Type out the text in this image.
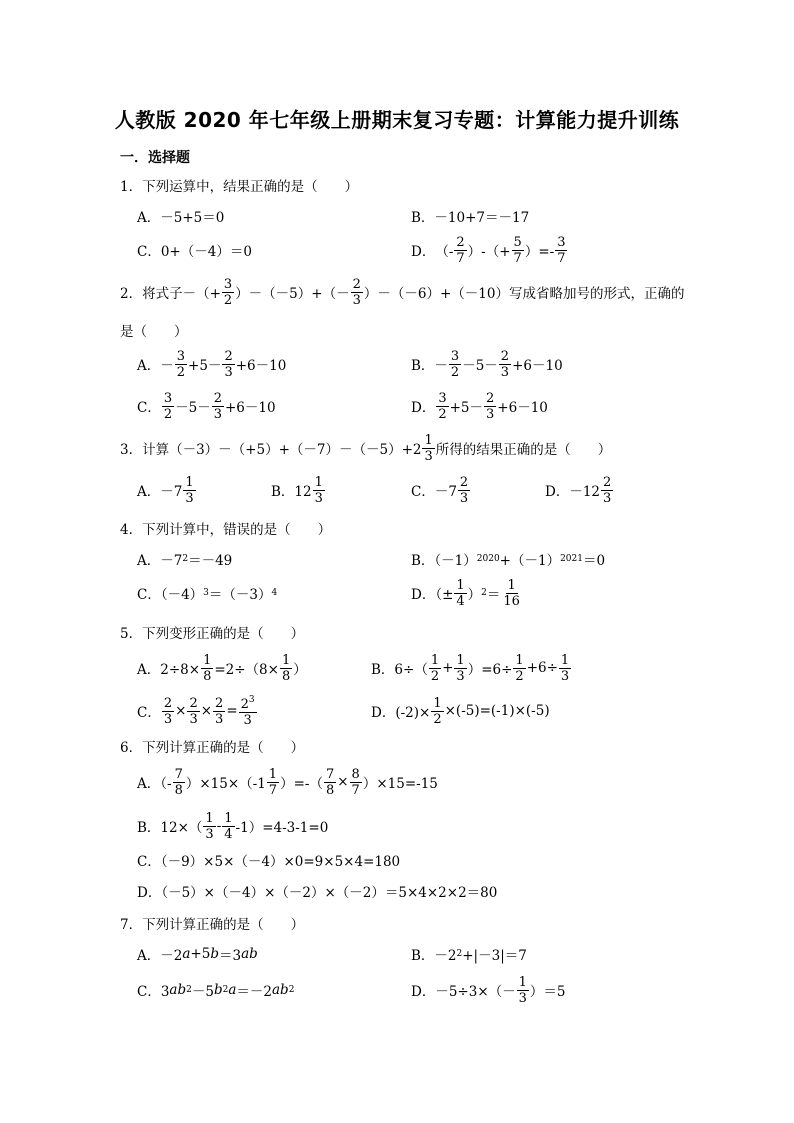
人教版 2020 年七年级上册期末复习专题：计算能力提升训练
一．选择题
1．下列运算中，结果正确的是（　　）
A．－5+5＝0	B．－10+7＝－17
C．0+（－4）＝0	D． （- $\frac{2}{7}$ ）-（+ $\frac{5}{7}$ ）=- $\frac{3}{7}$
2．将式子－（+ $\frac{3}{2} )-(-5)+(- \frac{2}{3} )-(-6)+(-10)$写成省略加号的形式，正确的
是（　　）
A．－ $\frac{3}{2} +5- \frac{2}{3} +6-10$	B．－ $\frac{3}{2} -5- \frac{2}{3} +6-10$
C． $\frac{3}{2} -5- \frac{2}{3} +6-10$	D． $\frac{3}{2} +5- \frac{2}{3} +6-10$
3．计算$(-3)-(+5)+(-7)-(-5)+2 \frac{1}{3}$ 所得的结果正确的是（　　）
A．$-7 \frac{1}{3}$	B．$12 \frac{1}{3}$	C．$-7 \frac{2}{3}$	D．$-12 \frac{2}{3}$
4．下列计算中，错误的是（　　）
A．－7 2 ＝－49	B．（－1） 2020 +（－1） 2021 ＝0
C．（－4） 3 ＝（－3） 4	D．（± $\frac{1}{4}$ ） $2 = \frac{1}{16}$
5．下列变形正确的是（　　）
A．$2\div 8\times \frac{1}{8} =2\div(8\times \frac{1}{8}$ ）	B．$6\div( \frac{1}{2} + \frac{1}{3} )=6\div \frac{1}{2} +6\div \frac{1}{3}$
C． $\frac{2}{3} \times \frac{2}{3} \times \frac{2}{3} = \frac{2^3}{3}$	D．$(-2)\times \frac{1}{2} \times(-5)=(-1)\times(-5)$
6．下列计算正确的是（　　）
A．（- $\frac{7}{8} )\times 15\times(-1 \frac{1}{7}$ ）=-（ $\frac{7}{8} \times \frac{8}{7} )\times 15=-15$
B．$12\times( \frac{1}{3} - \frac{1}{4} -1)=4-3-1=0$
C．（－9）×5×（－4）×0=9×5×4=180
D．（－5）×（－4）×（－2）×（－2）＝5×4×2×2＝80
7．下列计算正确的是（　　）
A．－2 a +5 b ＝3 ab	B．－2 2 +|－3|＝7
C．3 ab 2 －5 b 2 a ＝－2 ab 2	D．$-5\div 3\times(- \frac{1}{3} )=5$
